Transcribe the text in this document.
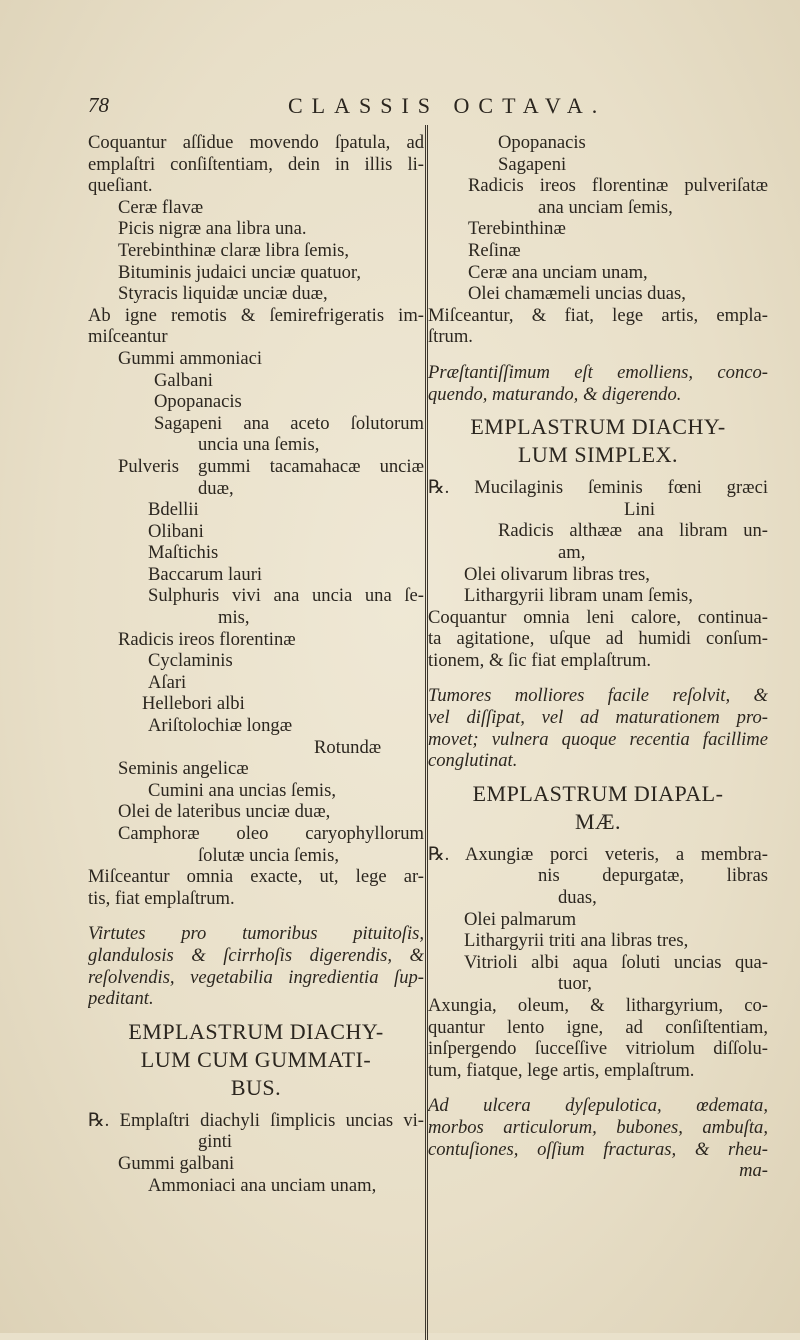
78	CLASSIS OCTAVA.
Coquantur aſſidue movendo ſpatula, ad
emplaſtri conſiſtentiam, dein in illis li-
queſiant.
Ceræ flavæ
Picis nigræ ana libra una.
Terebinthinæ claræ libra ſemis,
Bituminis judaici unciæ quatuor,
Styracis liquidæ unciæ duæ,
Ab igne remotis & ſemirefrigeratis im-
miſceantur
Gummi ammoniaci
Galbani
Opopanacis
Sagapeni ana aceto ſolutorum
uncia una ſemis,
Pulveris gummi tacamahacæ unciæ
duæ,
Bdellii
Olibani
Maſtichis
Baccarum lauri
Sulphuris vivi ana uncia una ſe-
mis,
Radicis ireos florentinæ
Cyclaminis
Aſari
Hellebori albi
Ariſtolochiæ longæ
Rotundæ
Seminis angelicæ
Cumini ana uncias ſemis,
Olei de lateribus unciæ duæ,
Camphoræ oleo caryophyllorum
ſolutæ uncia ſemis,
Miſceantur omnia exacte, ut, lege ar-
tis, fiat emplaſtrum.
Virtutes pro tumoribus pituitoſis,
glandulosis & ſcirrhoſis digerendis, &
reſolvendis, vegetabilia ingredientia ſup-
peditant.
EMPLASTRUM DIACHY-
LUM CUM GUMMATI-
BUS.
℞. Emplaſtri diachyli ſimplicis uncias vi-
ginti
Gummi galbani
Ammoniaci ana unciam unam,
Opopanacis
Sagapeni
Radicis ireos florentinæ pulveriſatæ
ana unciam ſemis,
Terebinthinæ
Reſinæ
Ceræ ana unciam unam,
Olei chamæmeli uncias duas,
Miſceantur, & fiat, lege artis, empla-
ſtrum.
Præſtantiſſimum eſt emolliens, conco-
quendo, maturando, & digerendo.
EMPLASTRUM DIACHY-
LUM SIMPLEX.
℞. Mucilaginis ſeminis fœni græci
Lini
Radicis althææ ana libram un-
am,
Olei olivarum libras tres,
Lithargyrii libram unam ſemis,
Coquantur omnia leni calore, continua-
ta agitatione, uſque ad humidi conſum-
tionem, & ſic fiat emplaſtrum.
Tumores molliores facile reſolvit, &
vel diſſipat, vel ad maturationem pro-
movet; vulnera quoque recentia facillime
conglutinat.
EMPLASTRUM DIAPAL-
MÆ.
℞. Axungiæ porci veteris, a membra-
nis depurgatæ, libras
duas,
Olei palmarum
Lithargyrii triti ana libras tres,
Vitrioli albi aqua ſoluti uncias qua-
tuor,
Axungia, oleum, & lithargyrium, co-
quantur lento igne, ad conſiſtentiam,
inſpergendo ſucceſſive vitriolum diſſolu-
tum, fiatque, lege artis, emplaſtrum.
Ad ulcera dyſepulotica, œdemata,
morbos articulorum, bubones, ambuſta,
contuſiones, oſſium fracturas, & rheu-
ma-
